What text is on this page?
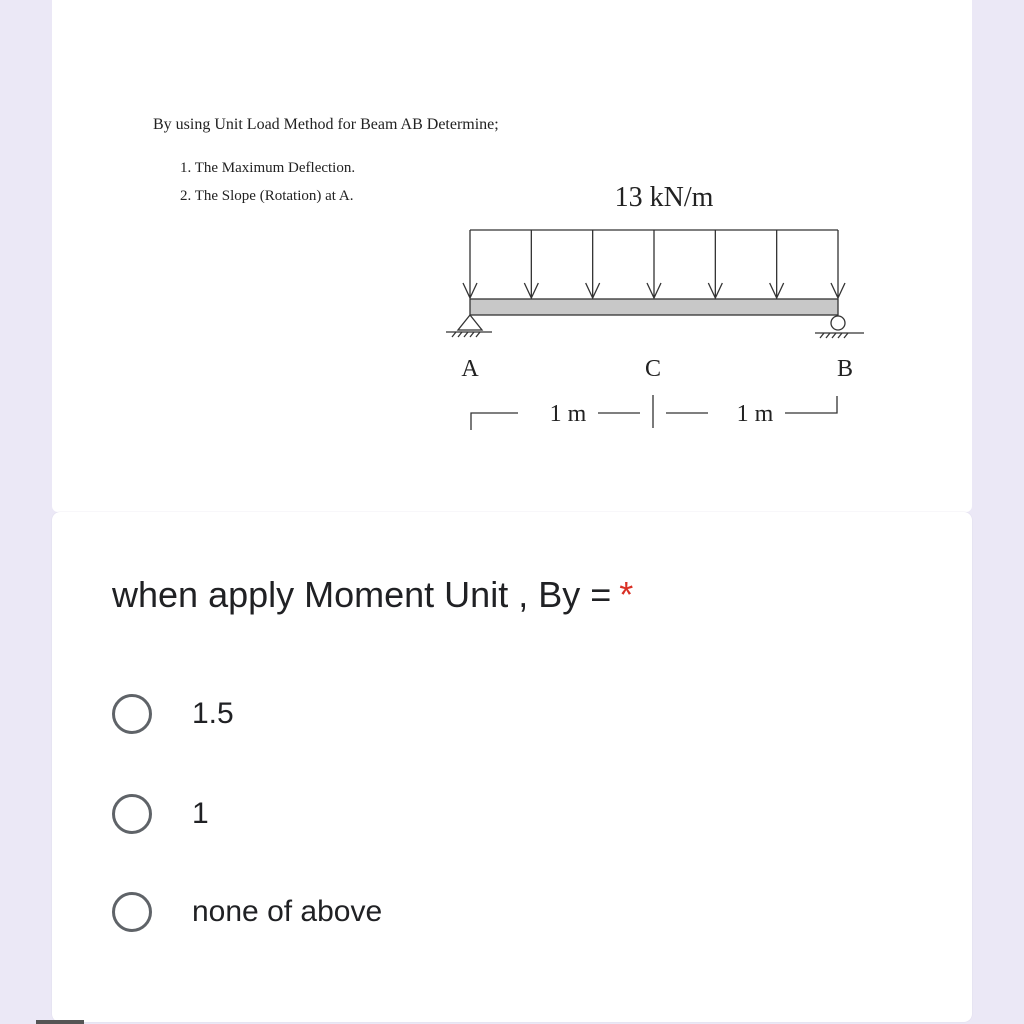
By using Unit Load Method for Beam AB Determine;
1. The Maximum Deflection.
2. The Slope (Rotation) at A.	13 kN/m
A	C	B
1 m	1 m
when apply Moment Unit , By = *
1.5
1
none of above
